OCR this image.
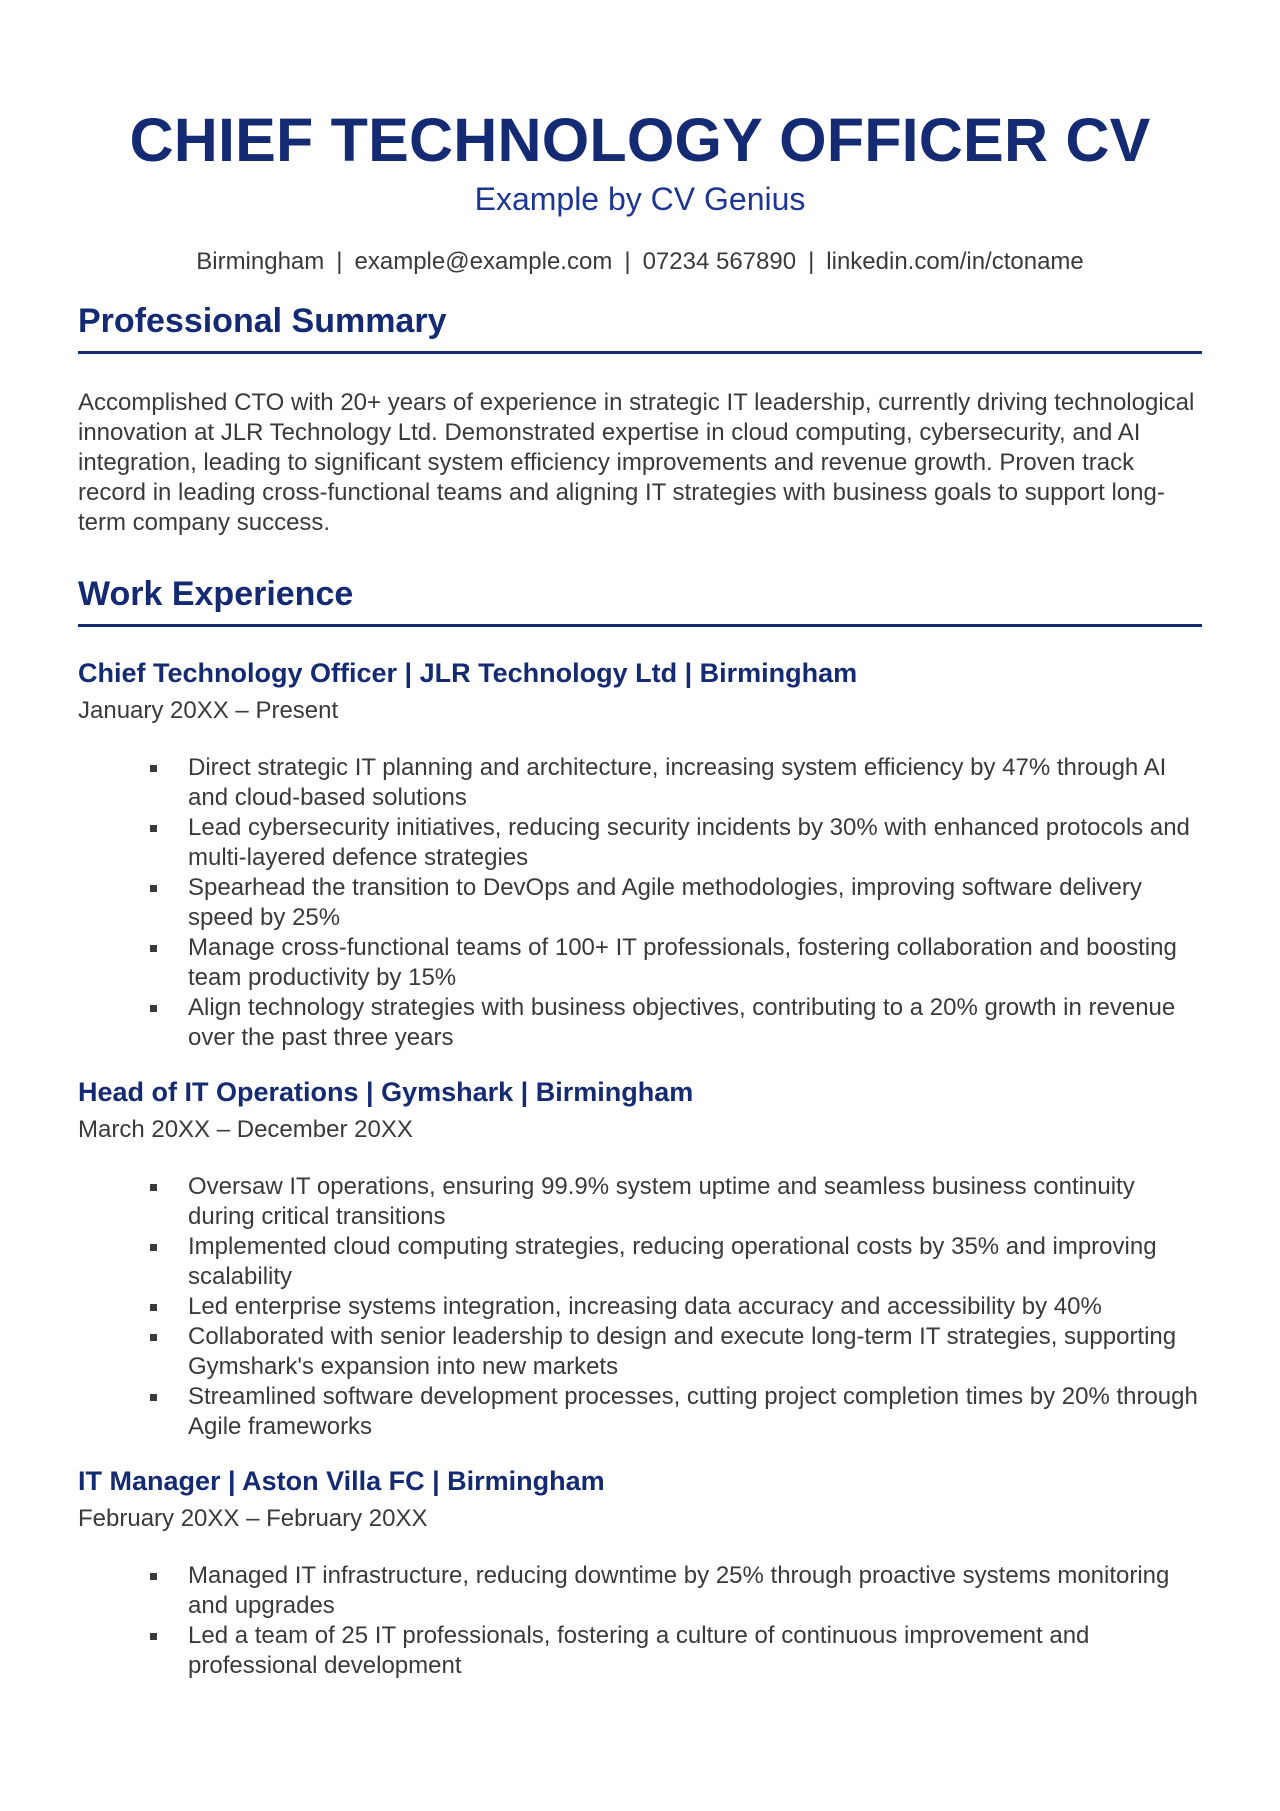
CHIEF TECHNOLOGY OFFICER CV
Example by CV Genius
Birmingham | example@example.com | 07234 567890 | linkedin.com/in/ctoname
Professional Summary
Accomplished CTO with 20+ years of experience in strategic IT leadership, currently driving technological innovation at JLR Technology Ltd. Demonstrated expertise in cloud computing, cybersecurity, and AI integration, leading to significant system efficiency improvements and revenue growth. Proven track record in leading cross-functional teams and aligning IT strategies with business goals to support long-term company success.
Work Experience
Chief Technology Officer | JLR Technology Ltd | Birmingham
January 20XX – Present
Direct strategic IT planning and architecture, increasing system efficiency by 47% through AI and cloud-based solutions
Lead cybersecurity initiatives, reducing security incidents by 30% with enhanced protocols and multi-layered defence strategies
Spearhead the transition to DevOps and Agile methodologies, improving software delivery speed by 25%
Manage cross-functional teams of 100+ IT professionals, fostering collaboration and boosting team productivity by 15%
Align technology strategies with business objectives, contributing to a 20% growth in revenue over the past three years
Head of IT Operations | Gymshark | Birmingham
March 20XX – December 20XX
Oversaw IT operations, ensuring 99.9% system uptime and seamless business continuity during critical transitions
Implemented cloud computing strategies, reducing operational costs by 35% and improving scalability
Led enterprise systems integration, increasing data accuracy and accessibility by 40%
Collaborated with senior leadership to design and execute long-term IT strategies, supporting Gymshark's expansion into new markets
Streamlined software development processes, cutting project completion times by 20% through Agile frameworks
IT Manager | Aston Villa FC | Birmingham
February 20XX – February 20XX
Managed IT infrastructure, reducing downtime by 25% through proactive systems monitoring and upgrades
Led a team of 25 IT professionals, fostering a culture of continuous improvement and professional development
